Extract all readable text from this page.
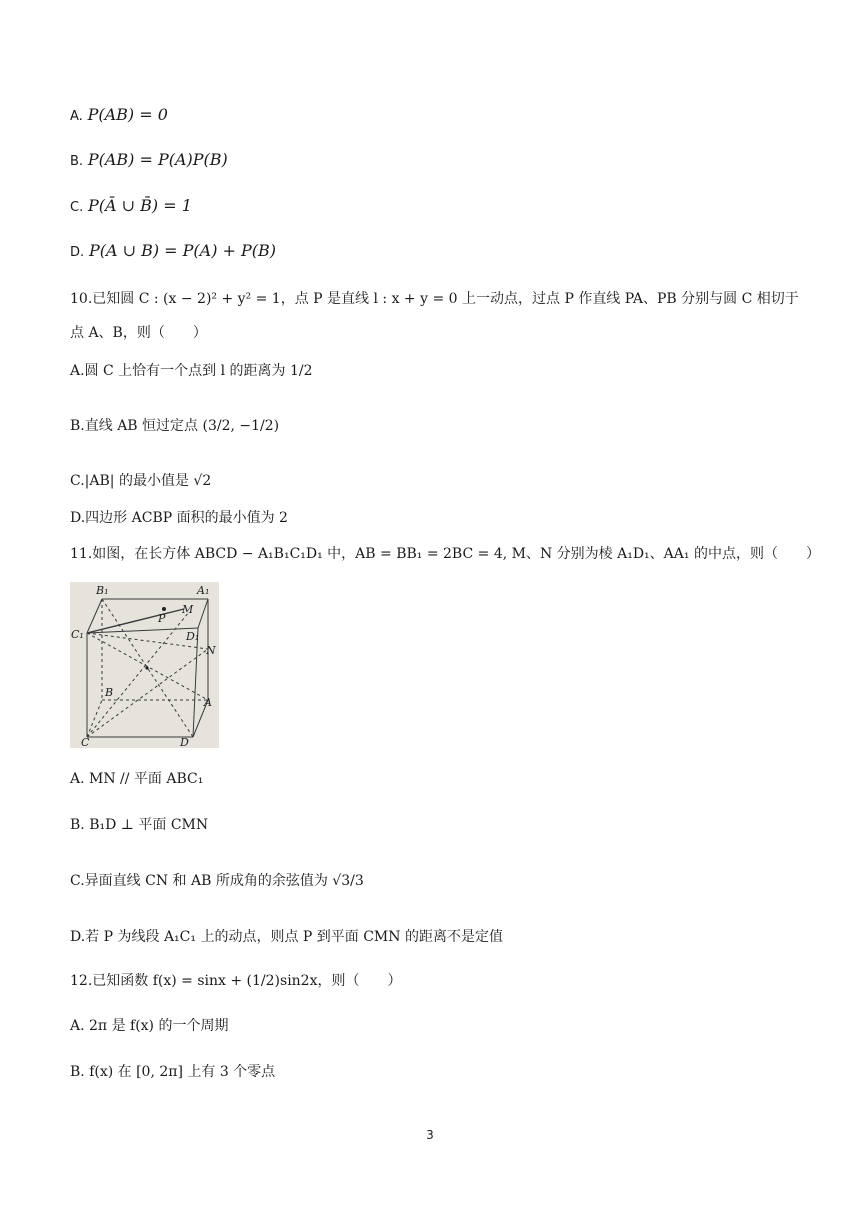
A. P(AB) = 0
B. P(AB) = P(A)P(B)
C. P(Ā ∪ B̄) = 1
D. P(A ∪ B) = P(A) + P(B)
10.已知圆 C : (x − 2)² + y² = 1，点 P 是直线 l : x + y = 0 上一动点，过点 P 作直线 PA、PB 分别与圆 C 相切于
点 A、B，则（　　）
A.圆 C 上恰有一个点到 l 的距离为 1/2
B.直线 AB 恒过定点 (3/2, −1/2)
C.|AB| 的最小值是 √2
D.四边形 ACBP 面积的最小值为 2
11.如图，在长方体 ABCD − A₁B₁C₁D₁ 中，AB = BB₁ = 2BC = 4, M、N 分别为棱 A₁D₁、AA₁ 的中点，则（　　）
B₁	A₁
M
P
C₁	D₁
N
B
A
C	D
A. MN // 平面 ABC₁
B. B₁D ⊥ 平面 CMN
C.异面直线 CN 和 AB 所成角的余弦值为 √3/3
D.若 P 为线段 A₁C₁ 上的动点，则点 P 到平面 CMN 的距离不是定值
12.已知函数 f(x) = sinx + (1/2)sin2x，则（　　）
A. 2π 是 f(x) 的一个周期
B. f(x) 在 [0, 2π] 上有 3 个零点
3
